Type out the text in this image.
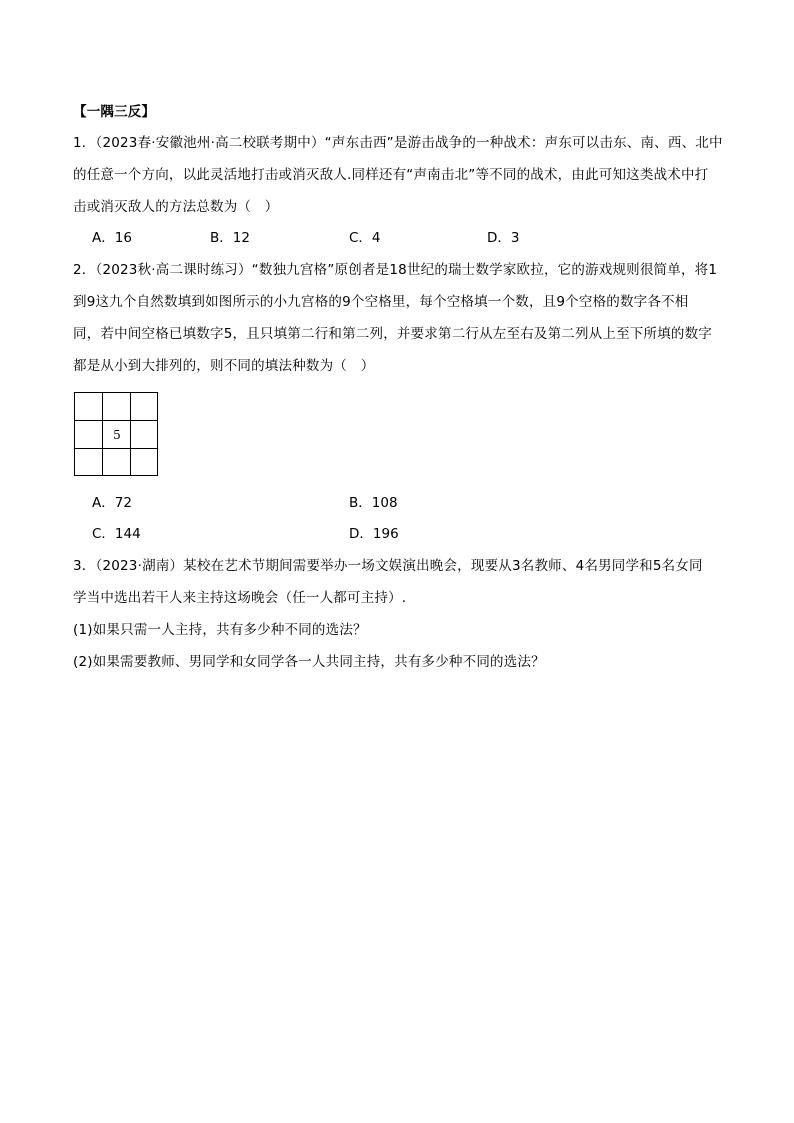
【一隅三反】
1．（2023春·安徽池州·高二校联考期中）“声东击西”是游击战争的一种战术：声东可以击东、南、西、北中
的任意一个方向，以此灵活地打击或消灭敌人.同样还有“声南击北”等不同的战术，由此可知这类战术中打
击或消灭敌人的方法总数为（　）
A．16	B．12	C．4	D．3
2．（2023秋·高二课时练习）“数独九宫格”原创者是18世纪的瑞士数学家欧拉，它的游戏规则很简单，将1
到9这九个自然数填到如图所示的小九宫格的9个空格里，每个空格填一个数，且9个空格的数字各不相
同，若中间空格已填数字5，且只填第二行和第二列，并要求第二行从左至右及第二列从上至下所填的数字
都是从小到大排列的，则不同的填法种数为（　）
5
A．72	B．108
C．144	D．196
3．（2023·湖南）某校在艺术节期间需要举办一场文娱演出晚会，现要从3名教师、4名男同学和5名女同
学当中选出若干人来主持这场晚会（任一人都可主持）.
(1)如果只需一人主持，共有多少种不同的选法？
(2)如果需要教师、男同学和女同学各一人共同主持，共有多少种不同的选法？
